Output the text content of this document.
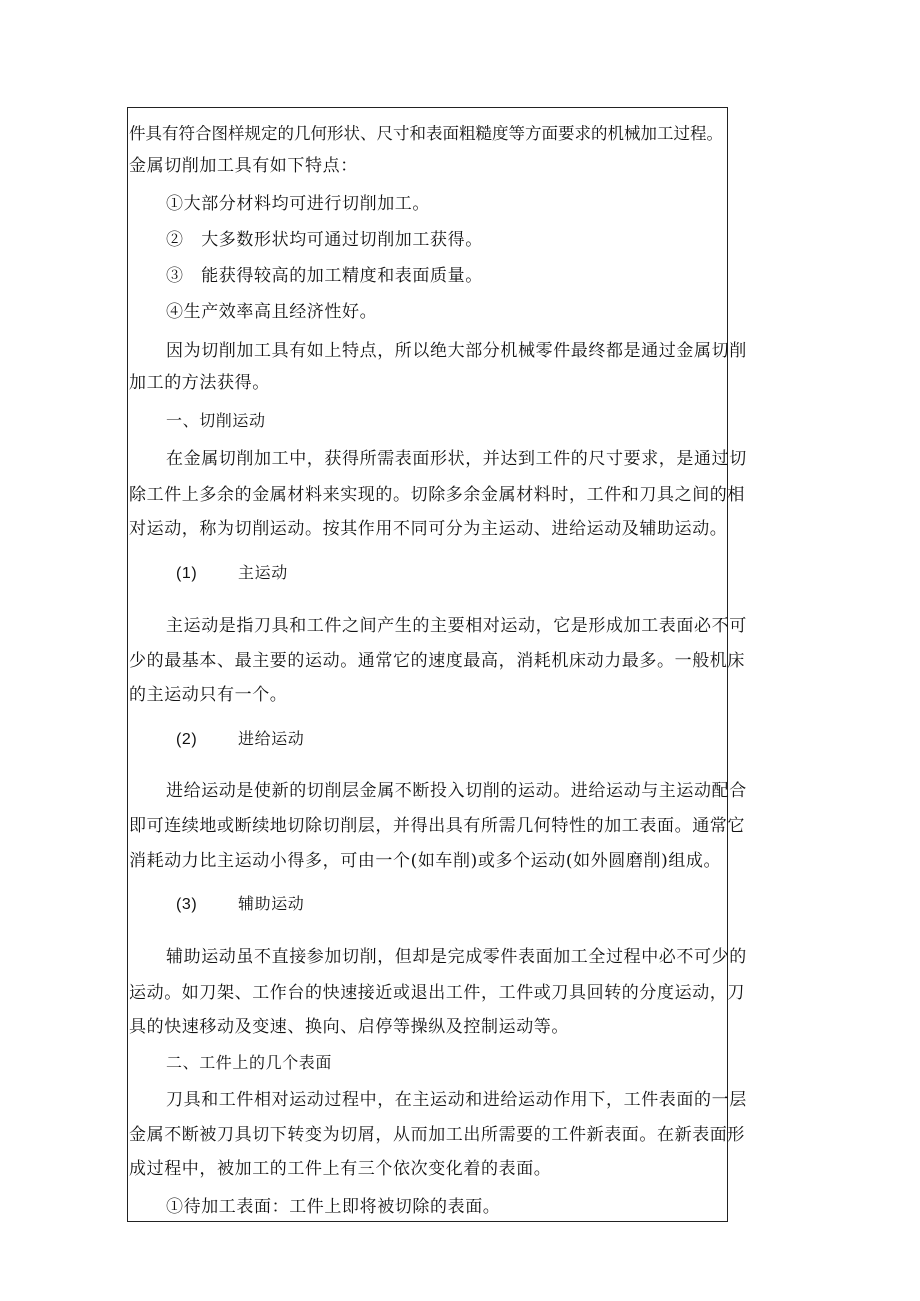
件具有符合图样规定的几何形状、尺寸和表面粗糙度等方面要求的机械加工过程。
金属切削加工具有如下特点：
①大部分材料均可进行切削加工。
②　大多数形状均可通过切削加工获得。
③　能获得较高的加工精度和表面质量。
④生产效率高且经济性好。
因为切削加工具有如上特点，所以绝大部分机械零件最终都是通过金属切削
加工的方法获得。
一、切削运动
在金属切削加工中，获得所需表面形状，并达到工件的尺寸要求，是通过切
除工件上多余的金属材料来实现的。切除多余金属材料时，工件和刀具之间的相
对运动，称为切削运动。按其作用不同可分为主运动、进给运动及辅助运动。
(1)	主运动
主运动是指刀具和工件之间产生的主要相对运动，它是形成加工表面必不可
少的最基本、最主要的运动。通常它的速度最高，消耗机床动力最多。一般机床
的主运动只有一个。
(2)	进给运动
进给运动是使新的切削层金属不断投入切削的运动。进给运动与主运动配合
即可连续地或断续地切除切削层，并得出具有所需几何特性的加工表面。通常它
消耗动力比主运动小得多，可由一个(如车削)或多个运动(如外圆磨削)组成。
(3)	辅助运动
辅助运动虽不直接参加切削，但却是完成零件表面加工全过程中必不可少的
运动。如刀架、工作台的快速接近或退出工件，工件或刀具回转的分度运动，刀
具的快速移动及变速、换向、启停等操纵及控制运动等。
二、工件上的几个表面
刀具和工件相对运动过程中，在主运动和进给运动作用下，工件表面的一层
金属不断被刀具切下转变为切屑，从而加工出所需要的工件新表面。在新表面形
成过程中，被加工的工件上有三个依次变化着的表面。
①待加工表面：工件上即将被切除的表面。
